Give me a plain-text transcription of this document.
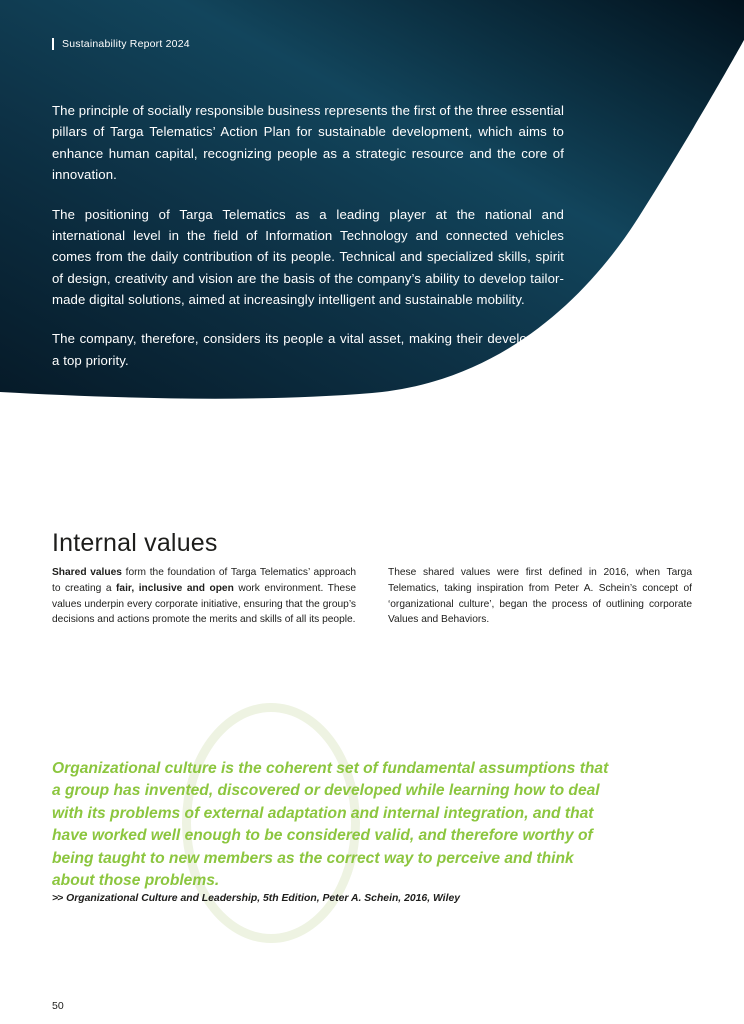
Sustainability Report 2024

The principle of socially responsible business represents the first of the three essential pillars of Targa Telematics’ Action Plan for sustainable development, which aims to enhance human capital, recognizing people as a strategic resource and the core of innovation.

The positioning of Targa Telematics as a leading player at the national and international level in the field of Information Technology and connected vehicles comes from the daily contribution of its people. Technical and specialized skills, spirit of design, creativity and vision are the basis of the company’s ability to develop tailor-made digital solutions, aimed at increasingly intelligent and sustainable mobility.

The company, therefore, considers its people a vital asset, making their development a top priority.

Internal values

Shared values form the foundation of Targa Telematics’ approach to creating a fair, inclusive and open work environment. These values underpin every corporate initiative, ensuring that the group’s decisions and actions promote the merits and skills of all its people.

These shared values were first defined in 2016, when Targa Telematics, taking inspiration from Peter A. Schein’s concept of ‘organizational culture’, began the process of outlining corporate Values and Behaviors.

Organizational culture is the coherent set of fundamental assumptions that a group has invented, discovered or developed while learning how to deal with its problems of external adaptation and internal integration, and that have worked well enough to be considered valid, and therefore worthy of being taught to new members as the correct way to perceive and think about those problems.

>> Organizational Culture and Leadership, 5th Edition, Peter A. Schein, 2016, Wiley
50
